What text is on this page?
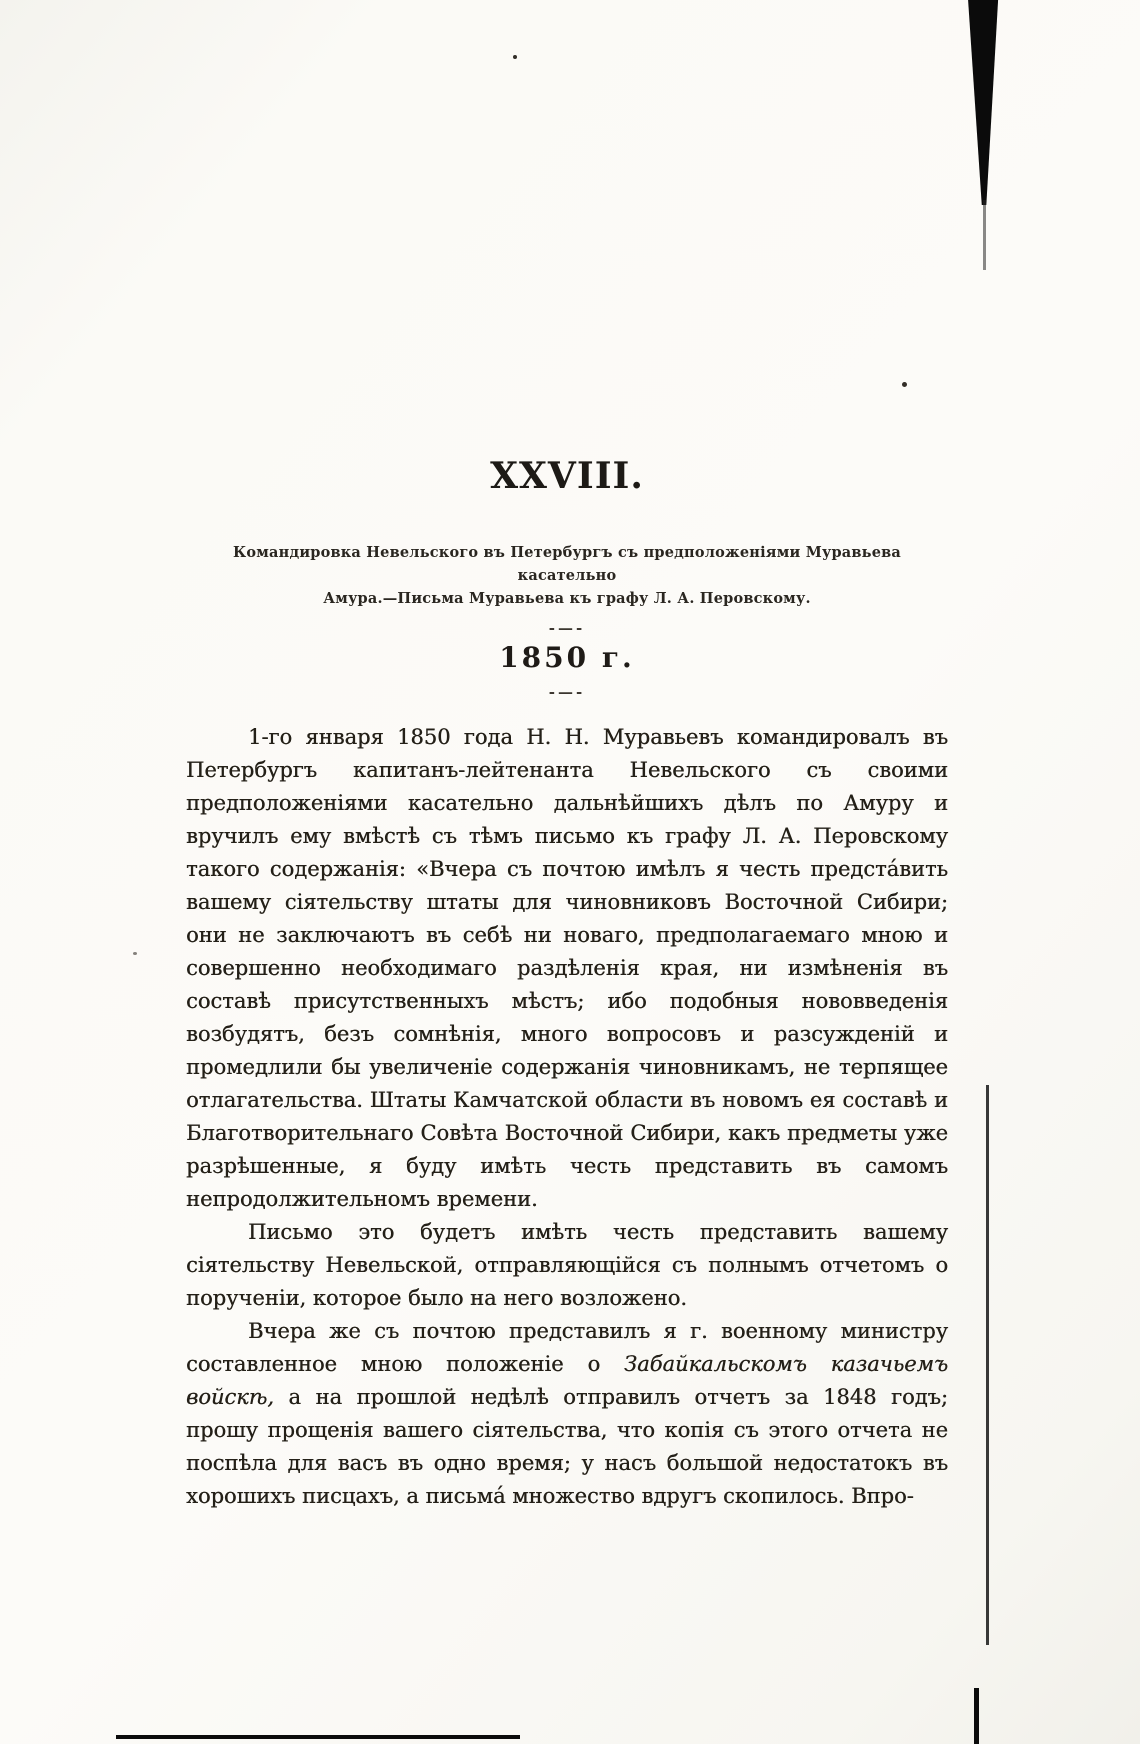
XXVIII.
Командировка Невельского въ Петербургъ съ предположеніями Муравьева касательно
Амура.—Письма Муравьева къ графу Л. А. Перовскому.
-—-
1850 г.
-—-

1-го января 1850 года Н. Н. Муравьевъ командировалъ въ Петербургъ капитанъ-лейтенанта Невельского съ своими предположеніями касательно дальнѣйшихъ дѣлъ по Амуру и вручилъ ему вмѣстѣ съ тѣмъ письмо къ графу Л. А. Перовскому такого содержанія: «Вчера съ почтою имѣлъ я честь предста́вить вашему сіятельству штаты для чиновниковъ Восточной Сибири; они не заключаютъ въ себѣ ни новаго, предполагаемаго мною и совершенно необходимаго раздѣленія края, ни измѣненія въ составѣ присутственныхъ мѣстъ; ибо подобныя нововведенія возбудятъ, безъ сомнѣнія, много вопросовъ и разсужденій и промедлили бы увеличеніе содержанія чиновникамъ, не терпящее отлагательства. Штаты Камчатской области въ новомъ ея составѣ и Благотворительнаго Совѣта Восточной Сибири, какъ предметы уже разрѣшенные, я буду имѣть честь представить въ самомъ непродолжительномъ времени.

Письмо это будетъ имѣть честь представить вашему сіятельству Невельской, отправляющійся съ полнымъ отчетомъ о порученіи, которое было на него возложено.

Вчера же съ почтою представилъ я г. военному министру составленное мною положеніе о Забайкальскомъ казачьемъ войскѣ, а на прошлой недѣлѣ отправилъ отчетъ за 1848 годъ; прошу прощенія вашего сіятельства, что копія съ этого отчета не поспѣла для васъ въ одно время; у насъ большой недостатокъ въ хорошихъ писцахъ, а письма́ множество вдругъ скопилось. Впро-
